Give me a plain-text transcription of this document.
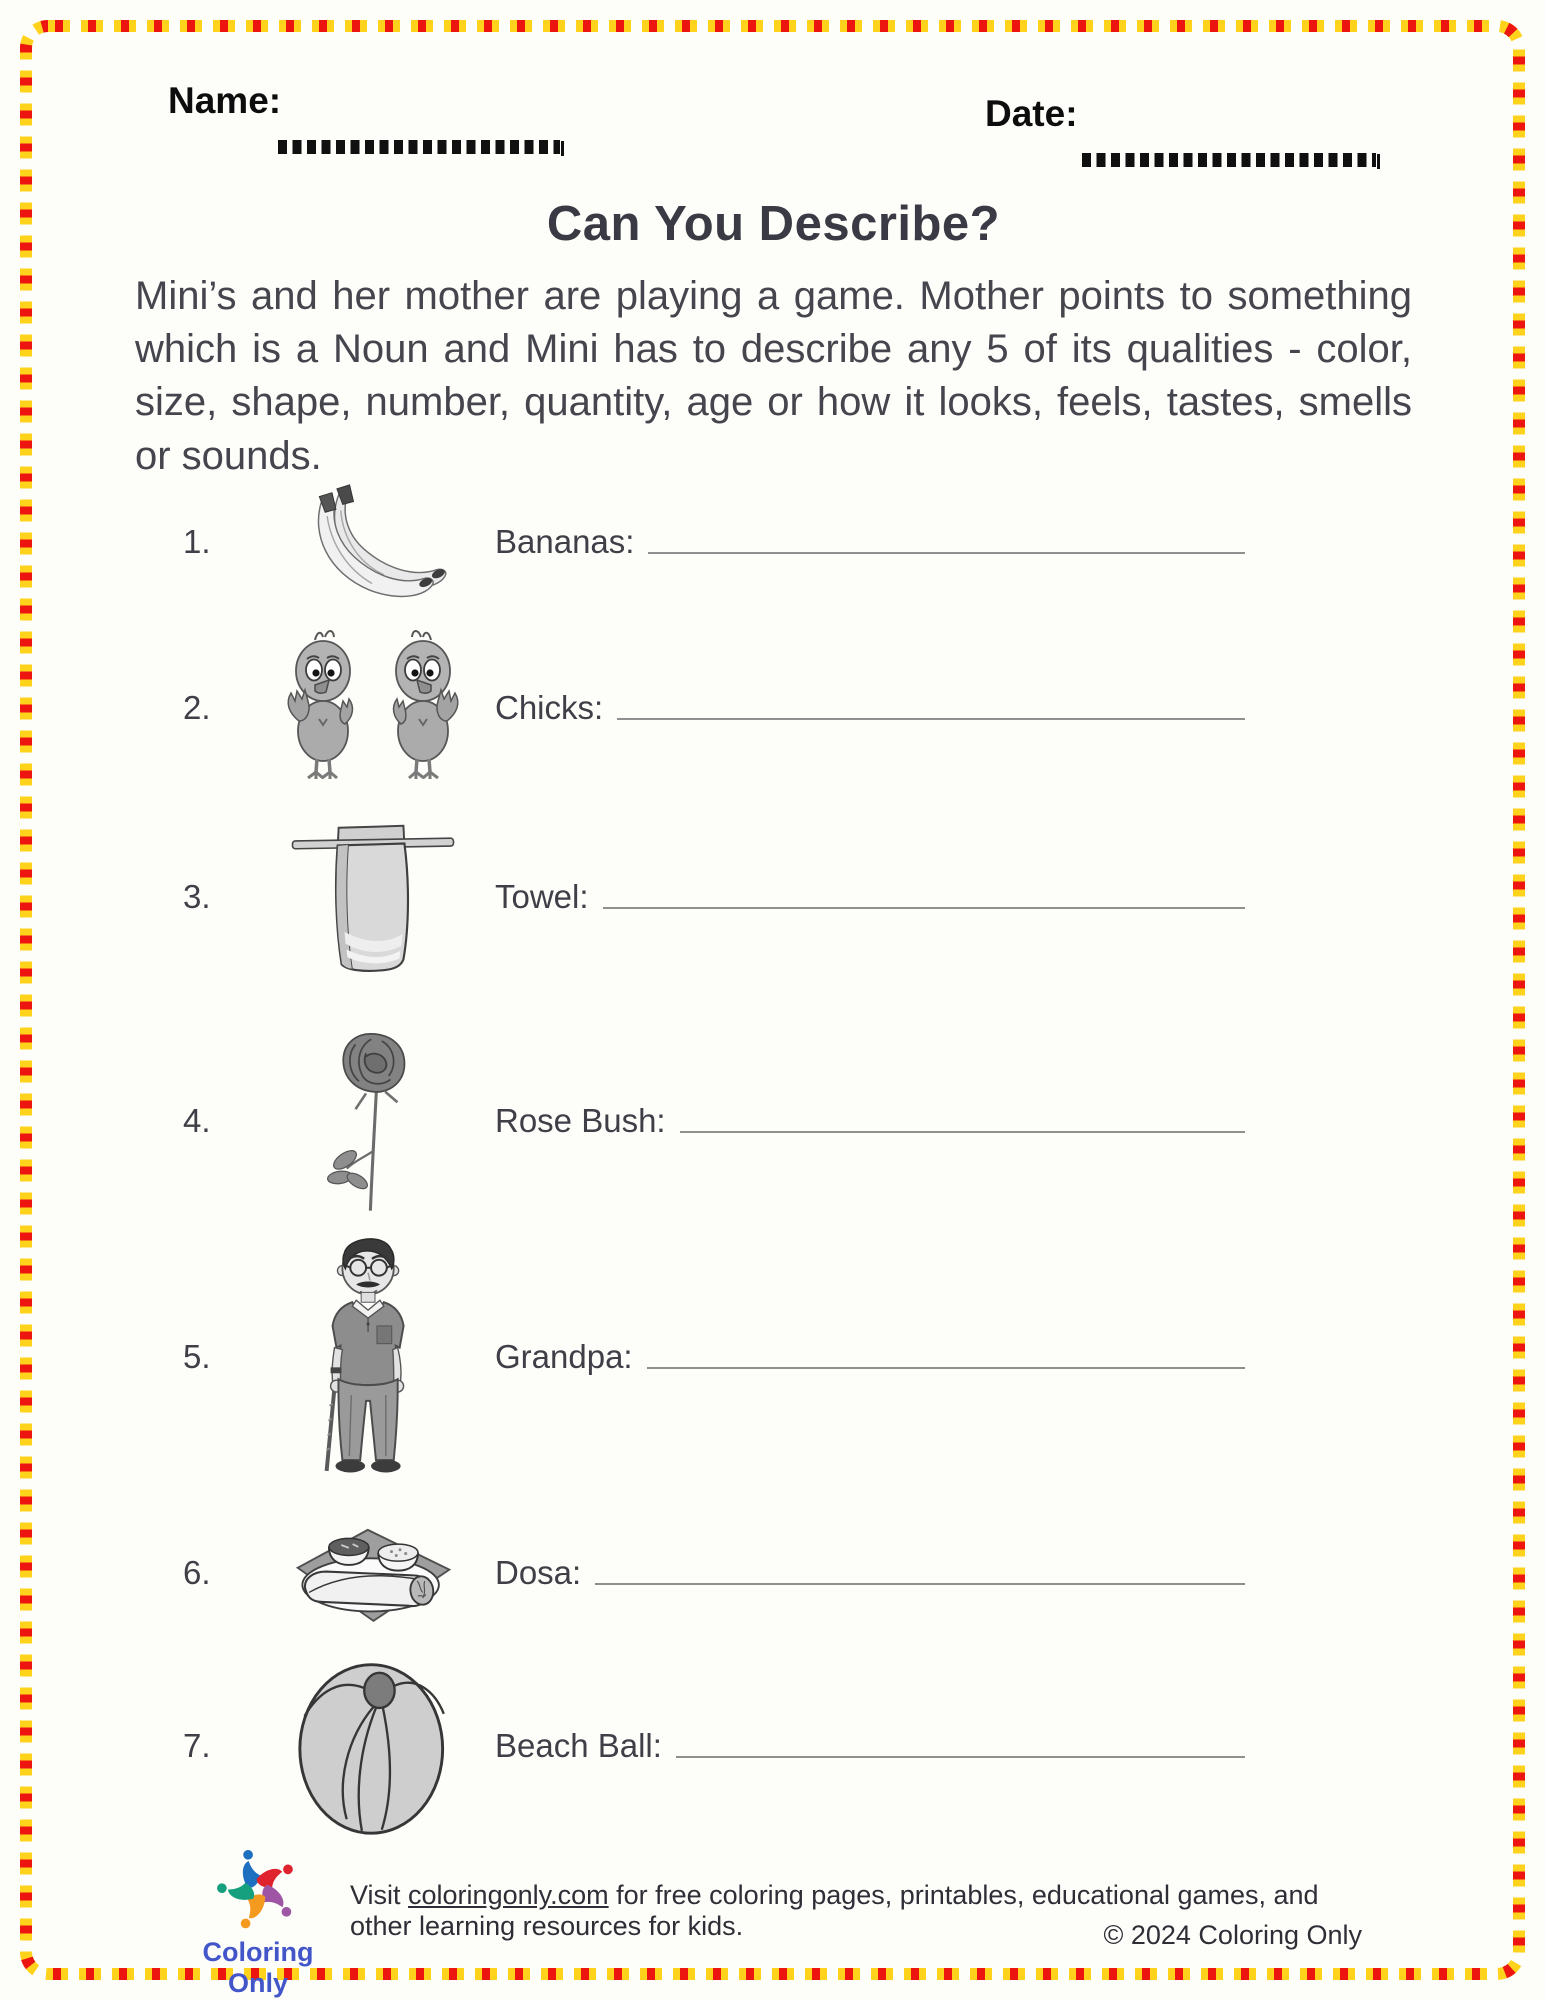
Name:	Date:
Can You Describe?
Mini’s and her mother are playing a game. Mother points to something which is a Noun and Mini has to describe any 5 of its qualities - color, size, shape, number, quantity, age or how it looks, feels, tastes, smells or sounds.
1.	Bananas:
2.	Chicks:
3.	Towel:
4.	Rose Bush:
5.	Grandpa:
6.	Dosa:
7.	Beach Ball:
Coloring Only
Visit coloringonly.com for free coloring pages, printables, educational games, and other learning resources for kids.	© 2024 Coloring Only
